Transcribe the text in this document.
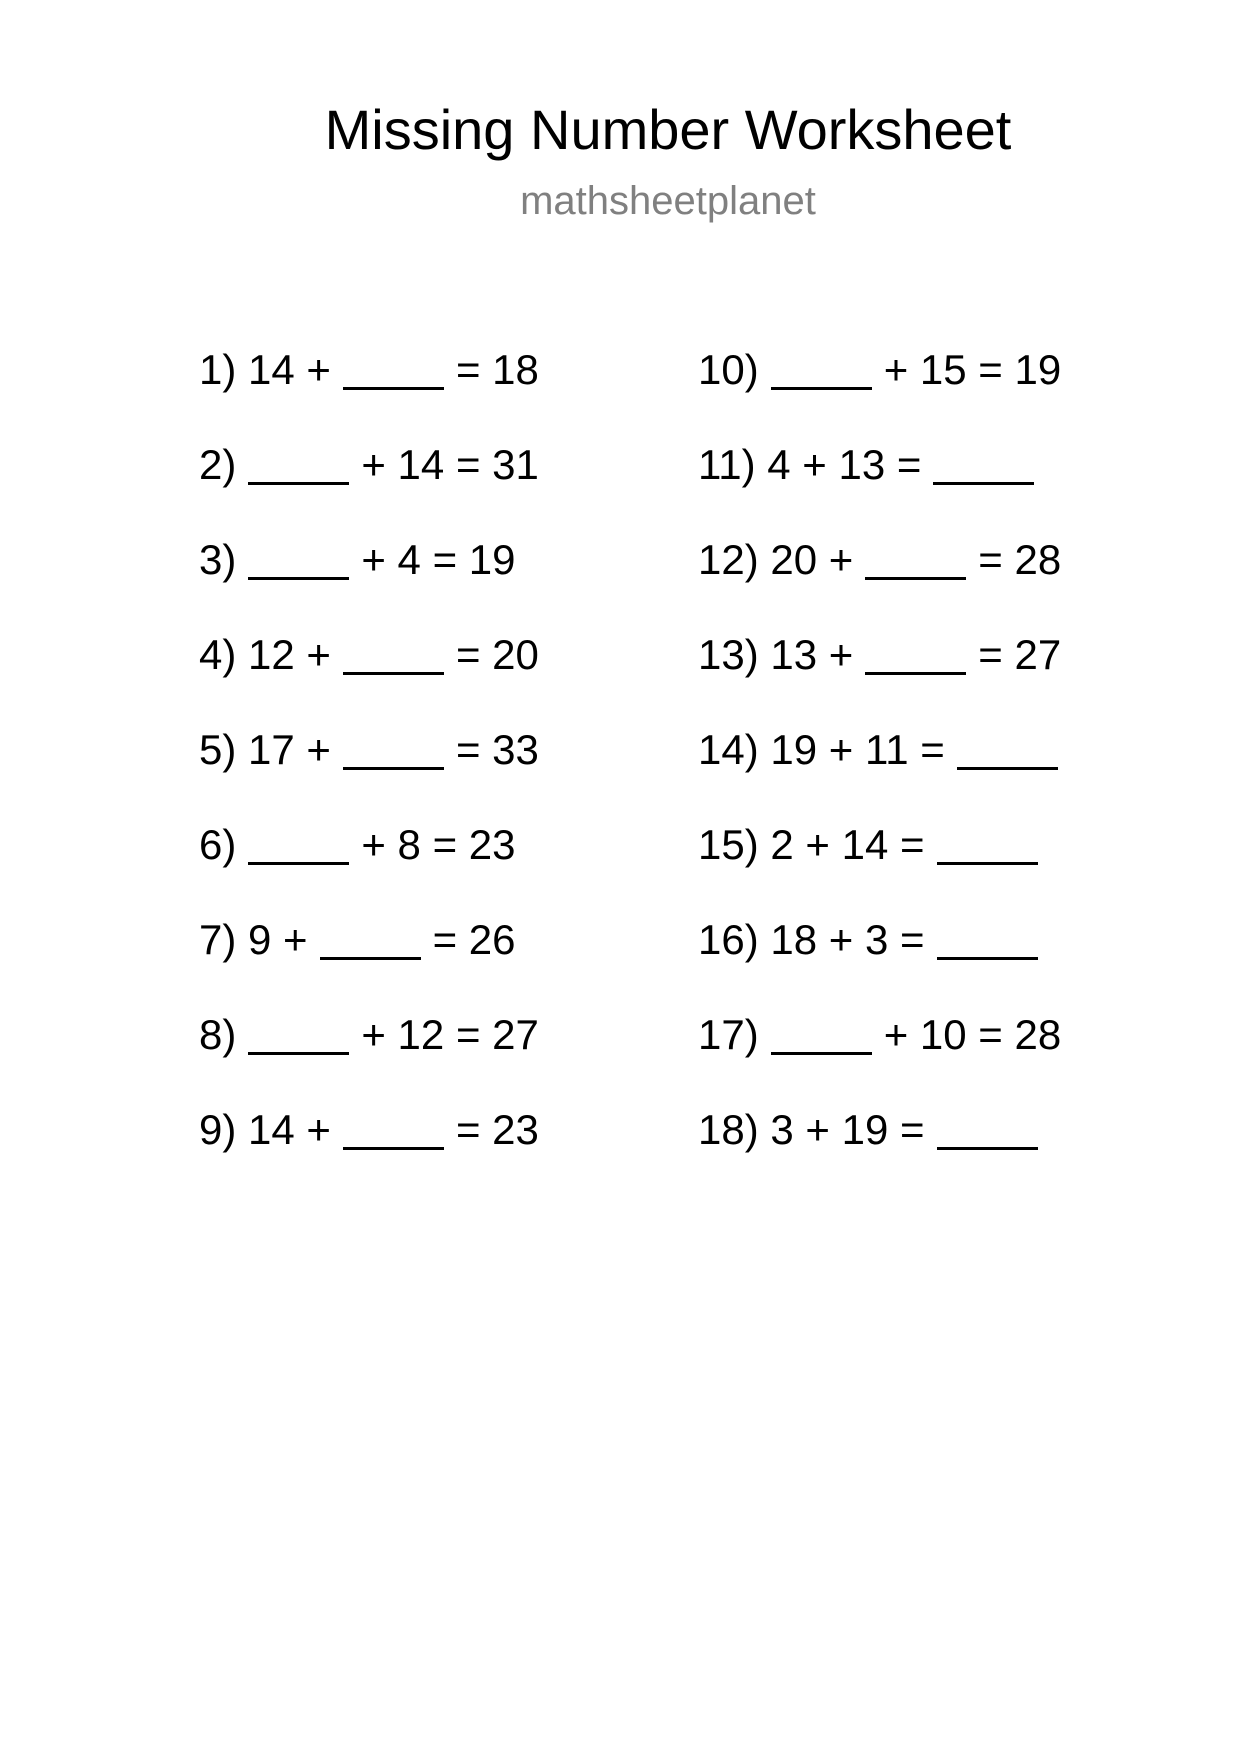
Missing Number Worksheet
mathsheetplanet
1)
14 +	= 18
2)	+ 14 = 31
3)	+ 4 = 19
4)
12 +	= 20
5)
17 +	= 33
6)	+ 8 = 23
7)
9 +	= 26
8)	+ 12 = 27
9)
14 +	= 23
10)	+ 15 = 19
11)
4 + 13 =
12)
20 +	= 28
13)
13 +	= 27
14)
19 + 11 =
15)
2 + 14 =
16)
18 + 3 =
17)	+ 10 = 28
18)
3 + 19 =
